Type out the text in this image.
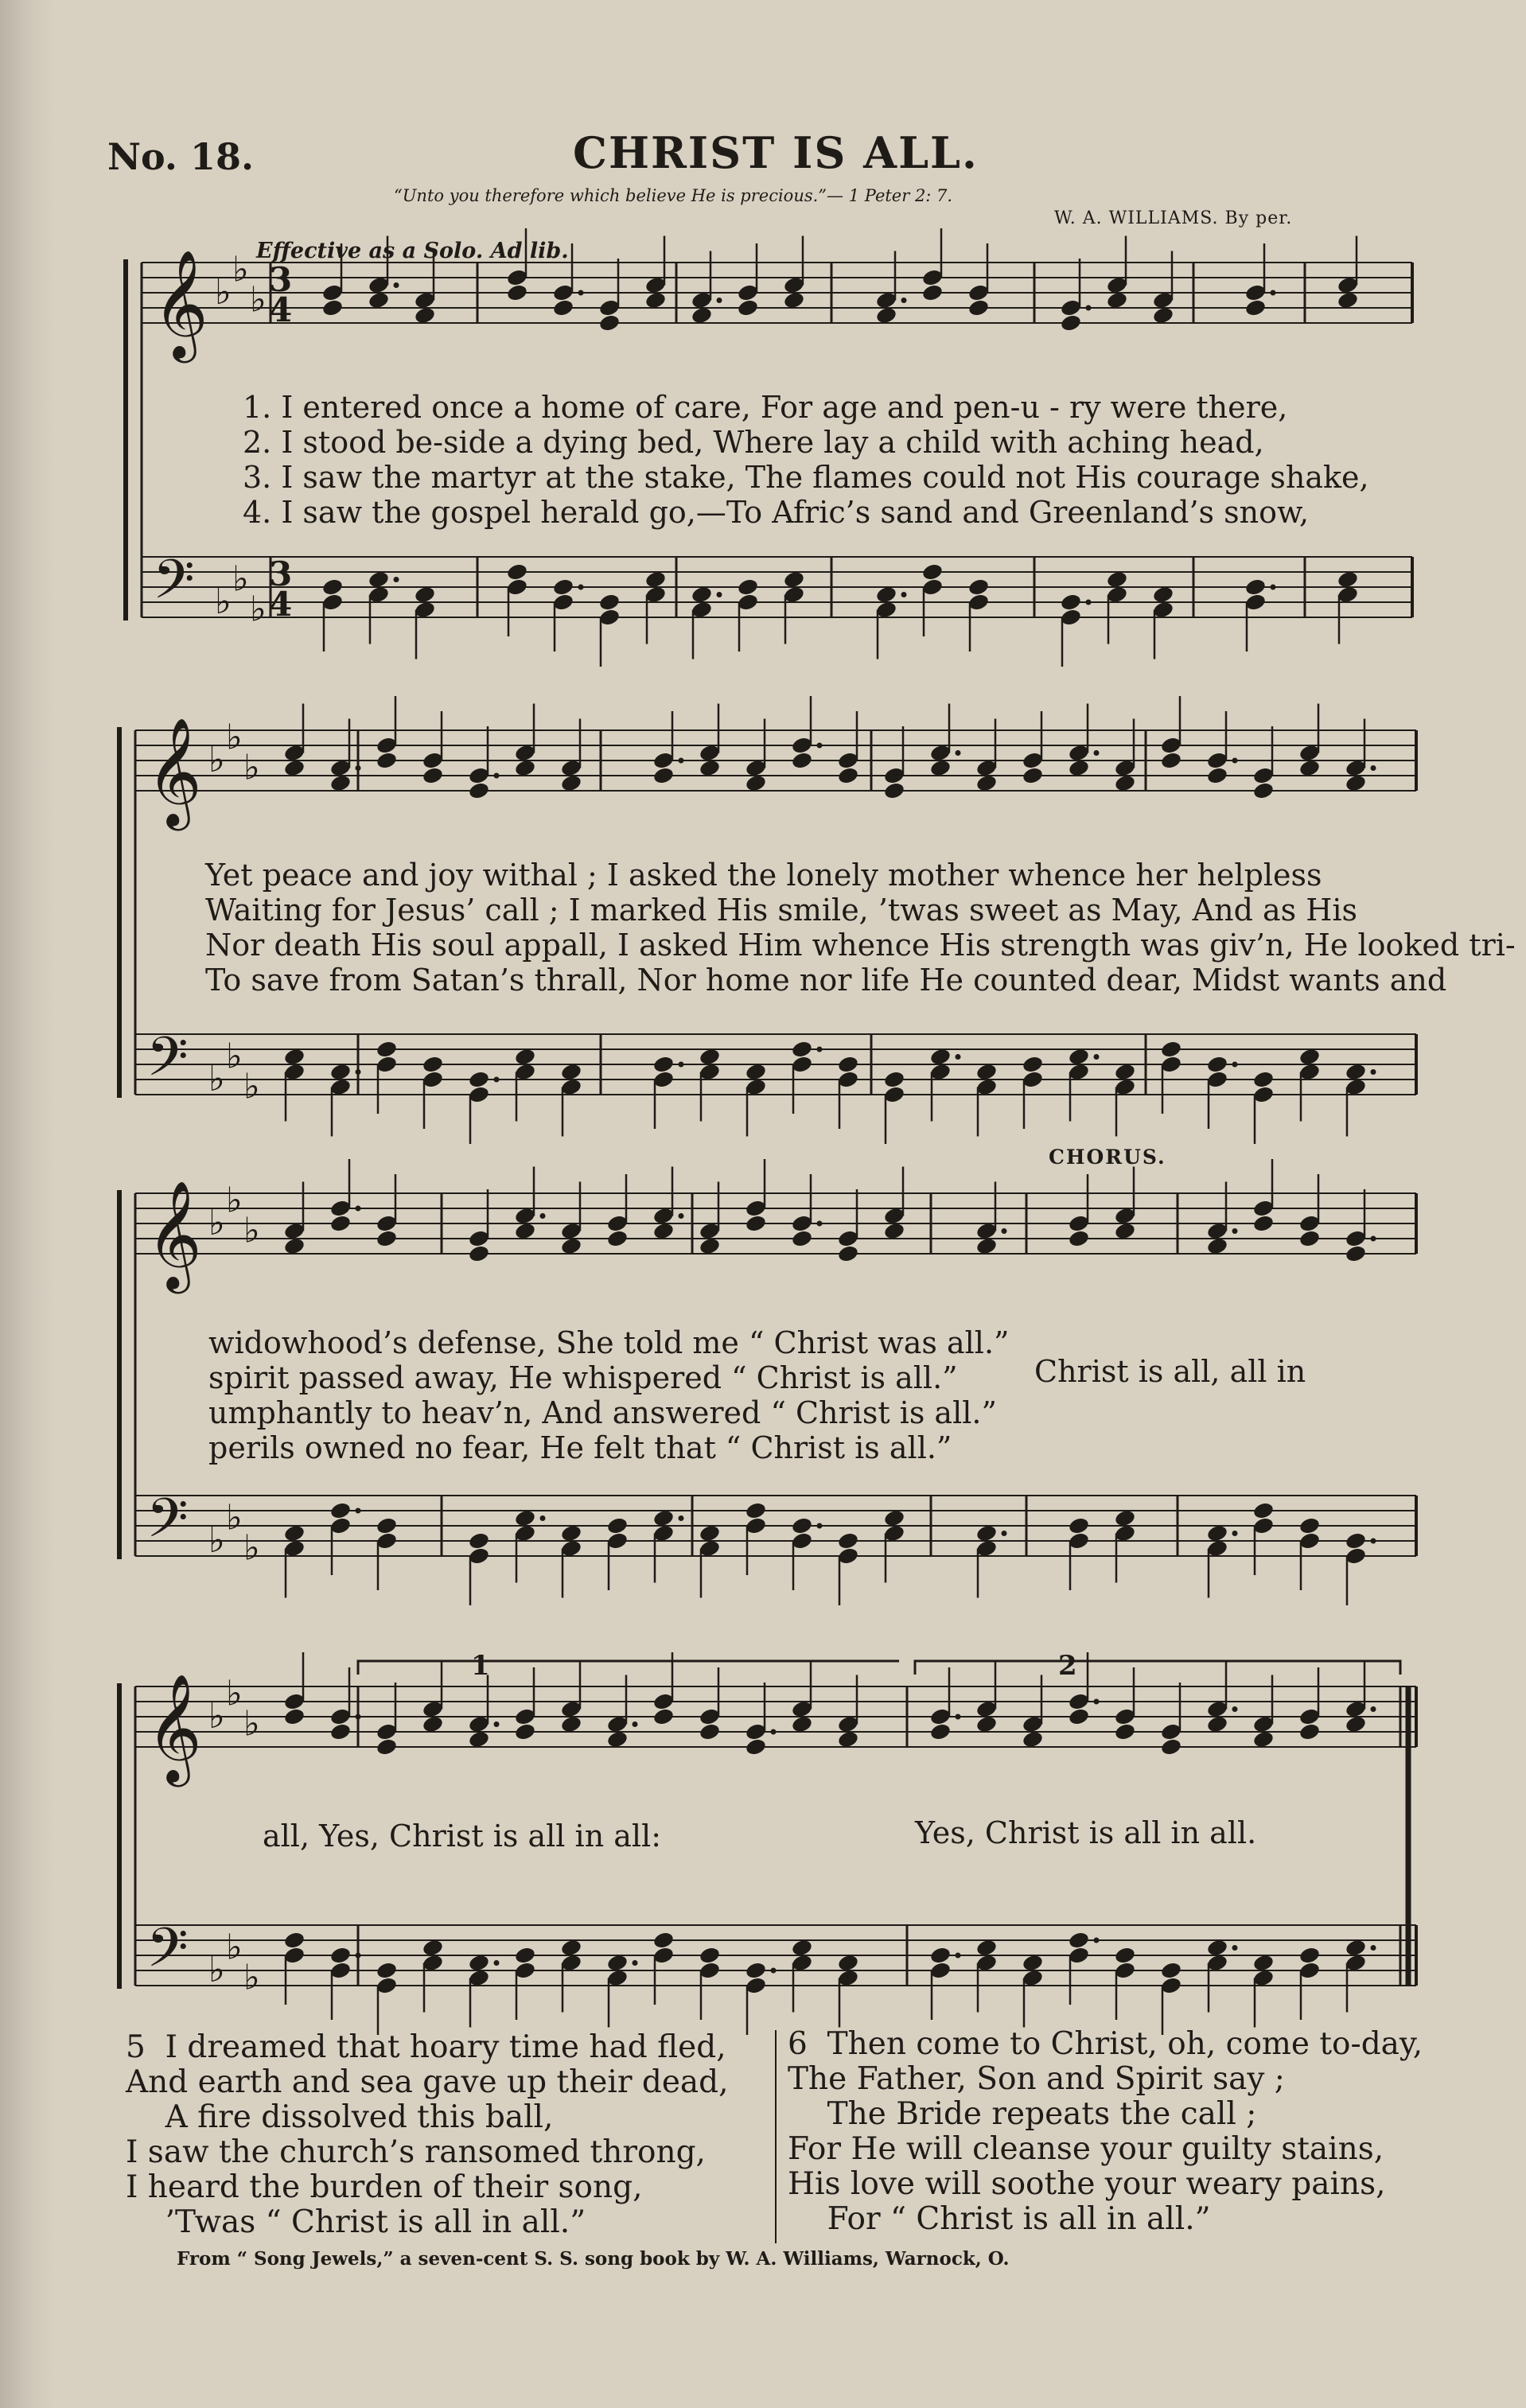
𝄞 ♭
♭
♭ 3
4
𝄢 ♭
♭
♭
3
4
𝄞 ♭
♭
♭
𝄢 ♭
♭
♭
𝄞 ♭
♭
♭
𝄢 ♭
♭
♭
𝄞 ♭
♭
♭
𝄢 ♭
♭
♭
No. 18.	CHRIST IS ALL.
“Unto you therefore which believe He is precious.”— 1 Peter 2: 7.
W. A. WILLIAMS. By per.
Effective as a Solo. Ad lib.
1. I entered once a home of care, For age and pen-u - ry were there,
2. I stood be-side a dying bed, Where lay a child with aching head,
3. I saw the martyr at the stake, The flames could not His courage shake,
4. I saw the gospel herald go,—To Afric’s sand and Greenland’s snow,
Yet peace and joy withal ; I asked the lonely mother whence her helpless
Waiting for Jesus’ call ; I marked His smile, ’twas sweet as May, And as His
Nor death His soul appall, I asked Him whence His strength was giv’n, He looked tri-
To save from Satan’s thrall, Nor home nor life He counted dear, Midst wants and
CHORUS.
widowhood’s defense, She told me “ Christ was all.”
spirit passed away, He whispered “ Christ is all.”
umphantly to heav’n, And answered “ Christ is all.”
perils owned no fear, He felt that “ Christ is all.”
Christ is all, all in
1	2
all, Yes, Christ is all in all:	Yes, Christ is all in all.
5  I dreamed that hoary time had fled,
And earth and sea gave up their dead,
A fire dissolved this ball,
I saw the church’s ransomed throng,
I heard the burden of their song,
’Twas “ Christ is all in all.”
6  Then come to Christ, oh, come to-day,
The Father, Son and Spirit say ;
The Bride repeats the call ;
For He will cleanse your guilty stains,
His love will soothe your weary pains,
For “ Christ is all in all.”
From “ Song Jewels,” a seven-cent S. S. song book by W. A. Williams, Warnock, O.
